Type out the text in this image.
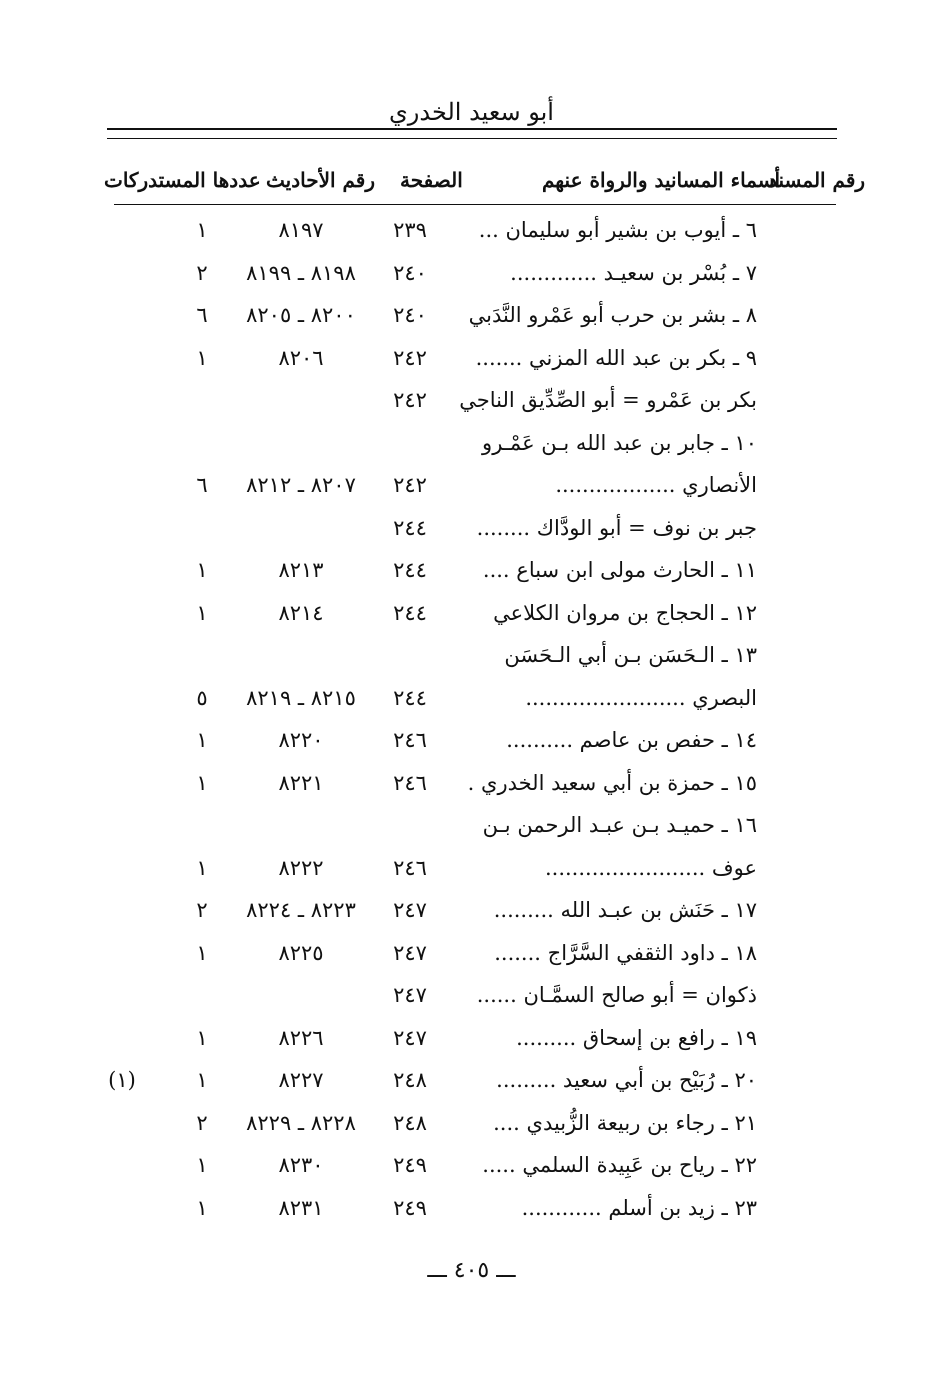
أبو سعيد الخدري
عددها المستدركات رقم الأحاديث الصفحة	أسماء المسانيد والرواة عنهم
رقم المسند
٦ ـ أيوب بن بشير أبو سليمان ...
٢٣٩
٨١٩٧
١
٧ ـ بُسْر بن سعيـد .............
٢٤٠
٨١٩٨ ـ ٨١٩٩
٢
٨ ـ بشر بن حرب أبو عَمْرو النَّدَبي
٢٤٠
٨٢٠٠ ـ ٨٢٠٥
٦
٩ ـ بكر بن عبد الله المزني .......
٢٤٢
٨٢٠٦
١
بكر بن عَمْرو = أبو الصِّدِّيق الناجي
٢٤٢
١٠ ـ جابر بن عبد الله بـن عَمْـرو
الأنصاري ..................
٢٤٢
٨٢٠٧ ـ ٨٢١٢
٦
جبر بن نوف = أبو الودَّاك ........
٢٤٤
١١ ـ الحارث مولى ابن سباع ....
٢٤٤
٨٢١٣
١
١٢ ـ الحجاج بن مروان الكلاعي
٢٤٤
٨٢١٤
١
١٣ ـ الـحَسَن بـن أبي الـحَسَن
البصري ........................
٢٤٤
٨٢١٥ ـ ٨٢١٩
٥
١٤ ـ حفص بن عاصم ..........
٢٤٦
٨٢٢٠
١
١٥ ـ حمزة بن أبي سعيد الخدري .
٢٤٦
٨٢٢١
١
١٦ ـ حميـد بـن عبـد الرحمن بـن
عوف ........................
٢٤٦
٨٢٢٢
١
١٧ ـ حَنَش بن عبـد الله .........
٢٤٧
٨٢٢٣ ـ ٨٢٢٤
٢
١٨ ـ داود الثقفي السَّرَّاج .......
٢٤٧
٨٢٢٥
١
ذكوان = أبو صالح السمَّـان ......
٢٤٧
١٩ ـ رافع بن إسحاق .........
٢٤٧
٨٢٢٦
١
٢٠ ـ رُبَيْح بن أبي سعيد .........
٢٤٨
٨٢٢٧
١
(١)
٢١ ـ رجاء بن ربيعة الزُّبيدي ....
٢٤٨
٨٢٢٨ ـ ٨٢٢٩
٢
٢٢ ـ رياح بن عَبِيدة السلمي .....
٢٤٩
٨٢٣٠
١
٢٣ ـ زيد بن أسلم ............
٢٤٩
٨٢٣١
١
ـــ ٤٠٥ ـــ
